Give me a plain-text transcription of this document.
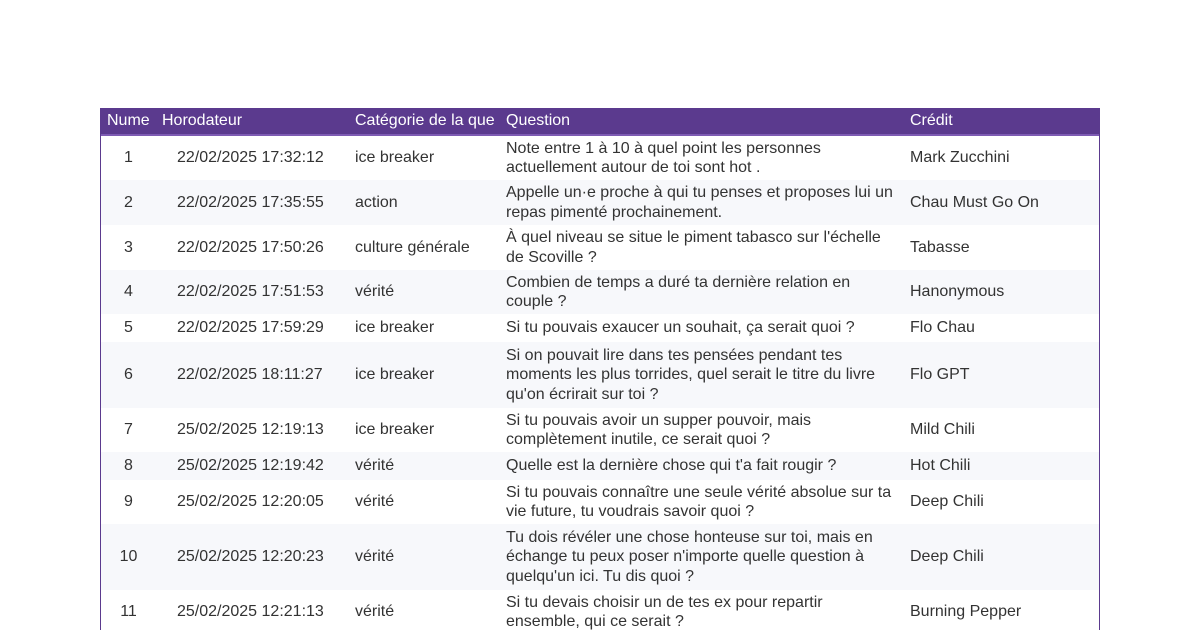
Nume	Horodateur	Catégorie de la que	Question	Crédit
1	22/02/2025 17:32:12	ice breaker	Note entre 1 à 10 à quel point les personnes actuellement autour de toi sont hot .	Mark Zucchini
2	22/02/2025 17:35:55	action	Appelle un·e proche à qui tu penses et proposes lui un repas pimenté prochainement.	Chau Must Go On
3	22/02/2025 17:50:26	culture générale	À quel niveau se situe le piment tabasco sur l'échelle de Scoville ?	Tabasse
4	22/02/2025 17:51:53	vérité	Combien de temps a duré ta dernière relation en couple ?	Hanonymous
5	22/02/2025 17:59:29	ice breaker	Si tu pouvais exaucer un souhait, ça serait quoi ?	Flo Chau
6	22/02/2025 18:11:27	ice breaker	Si on pouvait lire dans tes pensées pendant tes moments les plus torrides, quel serait le titre du livre qu'on écrirait sur toi ?	Flo GPT
7	25/02/2025 12:19:13	ice breaker	Si tu pouvais avoir un supper pouvoir, mais complètement inutile, ce serait quoi ?	Mild Chili
8	25/02/2025 12:19:42	vérité	Quelle est la dernière chose qui t'a fait rougir ?	Hot Chili
9	25/02/2025 12:20:05	vérité	Si tu pouvais connaître une seule vérité absolue sur ta vie future, tu voudrais savoir quoi ?	Deep Chili
10	25/02/2025 12:20:23	vérité	Tu dois révéler une chose honteuse sur toi, mais en échange tu peux poser n'importe quelle question à quelqu'un ici. Tu dis quoi ?	Deep Chili
11	25/02/2025 12:21:13	vérité	Si tu devais choisir un de tes ex pour repartir ensemble, qui ce serait ?	Burning Pepper
